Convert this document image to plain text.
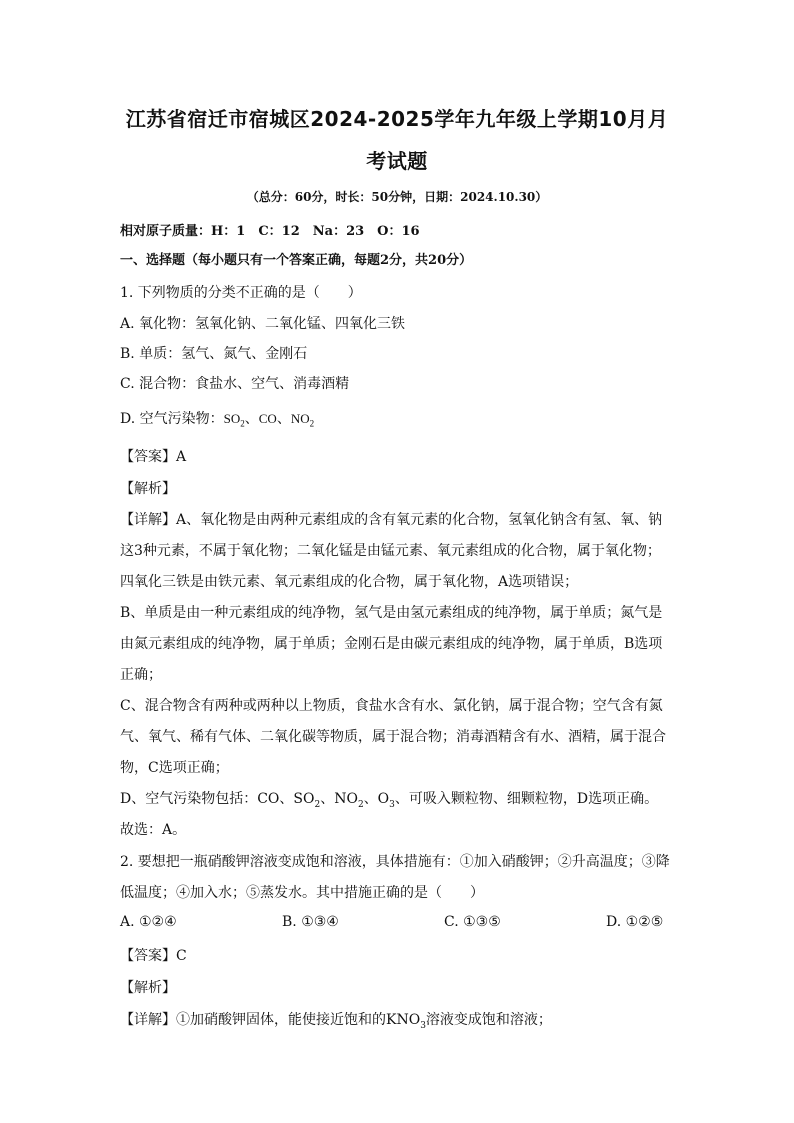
江苏省宿迁市宿城区2024-2025学年九年级上学期10月月
考试题
（总分：60分，时长：50分钟，日期：2024.10.30）
相对原子质量：H：1　C：12　Na：23　O：16
一、选择题（每小题只有一个答案正确，每题2分，共20分）
1. 下列物质的分类不正确的是（　　）
A. 氧化物：氢氧化钠、二氧化锰、四氧化三铁
B. 单质：氢气、氮气、金刚石
C. 混合物：食盐水、空气、消毒酒精
D. 空气污染物：$SO_2$、CO、$NO_2$
【答案】A
【解析】
【详解】A、氧化物是由两种元素组成的含有氧元素的化合物，氢氧化钠含有氢、氧、钠
这3种元素，不属于氧化物；二氧化锰是由锰元素、氧元素组成的化合物，属于氧化物；
四氧化三铁是由铁元素、氧元素组成的化合物，属于氧化物，A选项错误；
B、单质是由一种元素组成的纯净物，氢气是由氢元素组成的纯净物，属于单质；氮气是
由氮元素组成的纯净物，属于单质；金刚石是由碳元素组成的纯净物，属于单质，B选项
正确；
C、混合物含有两种或两种以上物质，食盐水含有水、氯化钠，属于混合物；空气含有氮
气、氧气、稀有气体、二氧化碳等物质，属于混合物；消毒酒精含有水、酒精，属于混合
物，C选项正确；
D、空气污染物包括：CO、$SO_2$、$NO_2$、$O_3$、可吸入颗粒物、细颗粒物，D选项正确。
故选：A。
2. 要想把一瓶硝酸钾溶液变成饱和溶液，具体措施有：①加入硝酸钾；②升高温度；③降
低温度；④加入水；⑤蒸发水。其中措施正确的是（　　）
A. ①②④	B. ①③④	C. ①③⑤	D. ①②⑤
【答案】C
【解析】
【详解】①加硝酸钾固体，能使接近饱和的$KNO_3$溶液变成饱和溶液；
